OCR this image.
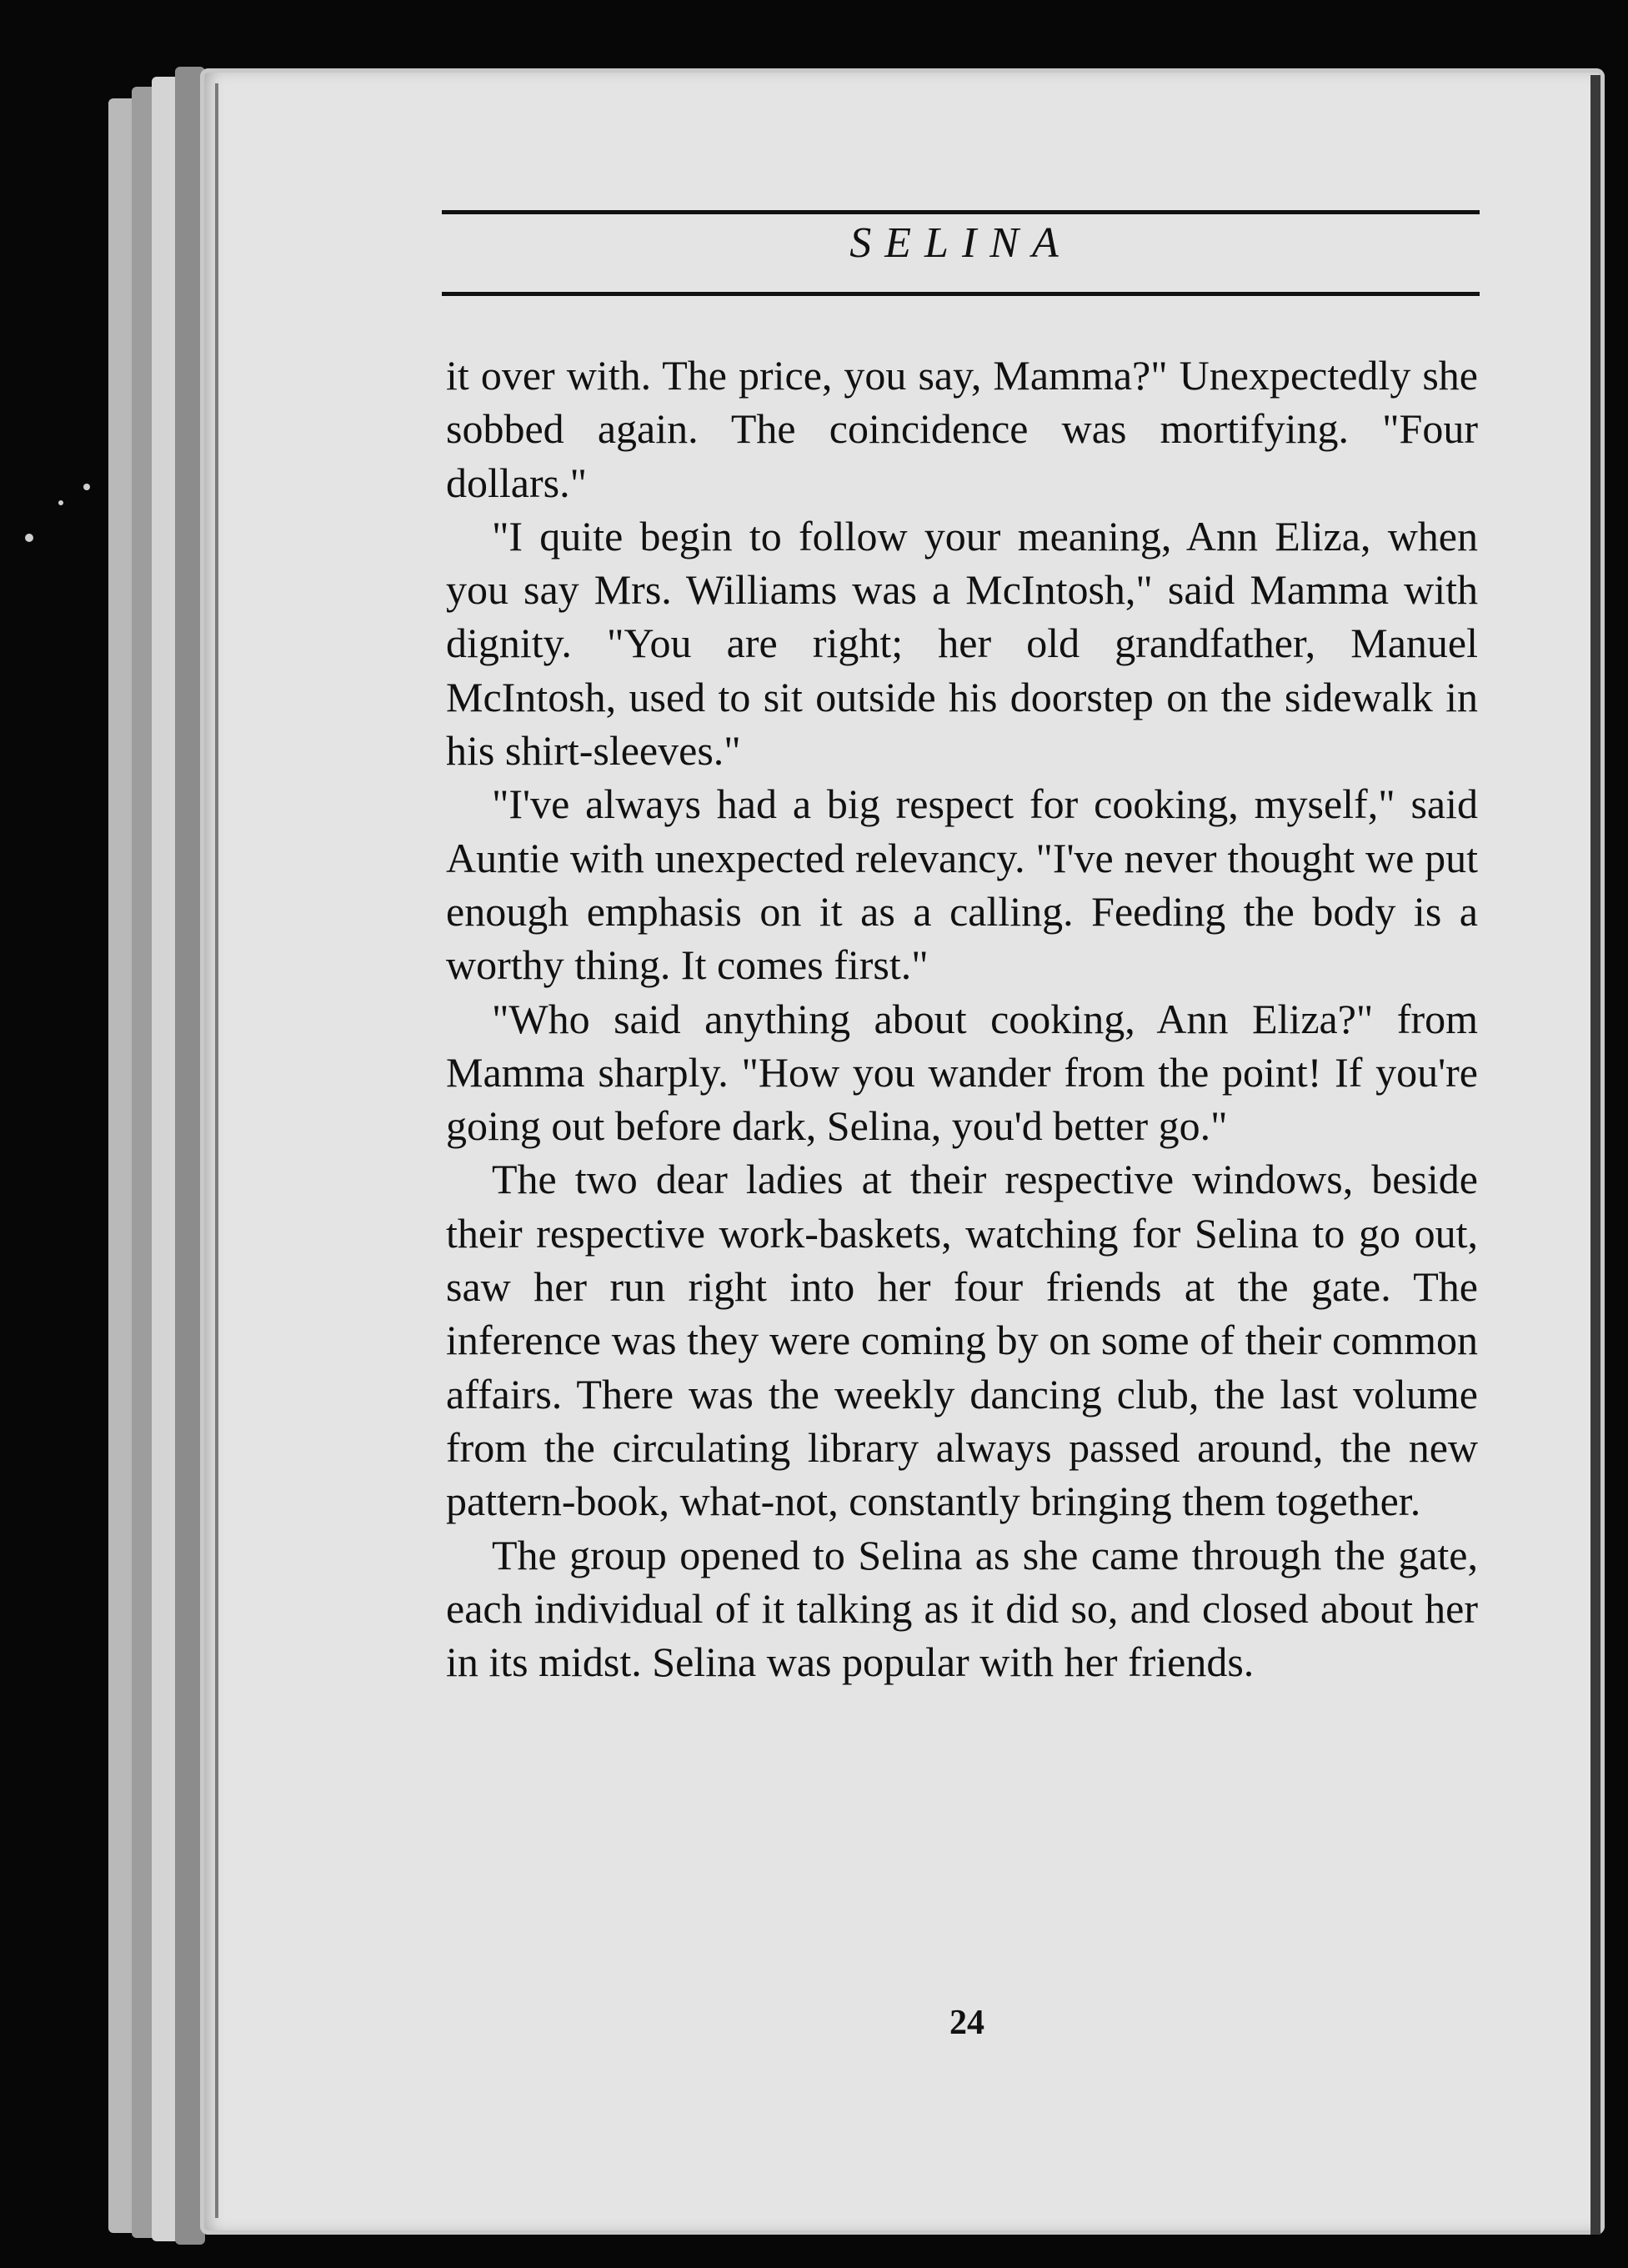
SELINA

it over with. The price, you say, Mamma?" Unexpectedly she sobbed again. The coincidence was mortifying. "Four dollars."

"I quite begin to follow your meaning, Ann Eliza, when you say Mrs. Williams was a McIntosh," said Mamma with dignity. "You are right; her old grandfather, Manuel McIntosh, used to sit outside his doorstep on the sidewalk in his shirt-sleeves."

"I've always had a big respect for cooking, myself," said Auntie with unexpected relevancy. "I've never thought we put enough emphasis on it as a calling. Feeding the body is a worthy thing. It comes first."

"Who said anything about cooking, Ann Eliza?" from Mamma sharply. "How you wander from the point! If you're going out before dark, Selina, you'd better go."

The two dear ladies at their respective windows, beside their respective work-baskets, watching for Selina to go out, saw her run right into her four friends at the gate. The inference was they were coming by on some of their common affairs. There was the weekly dancing club, the last volume from the circulating library always passed around, the new pattern-book, what-not, constantly bringing them together.

The group opened to Selina as she came through the gate, each individual of it talking as it did so, and closed about her in its midst. Selina was popular with her friends.

24
